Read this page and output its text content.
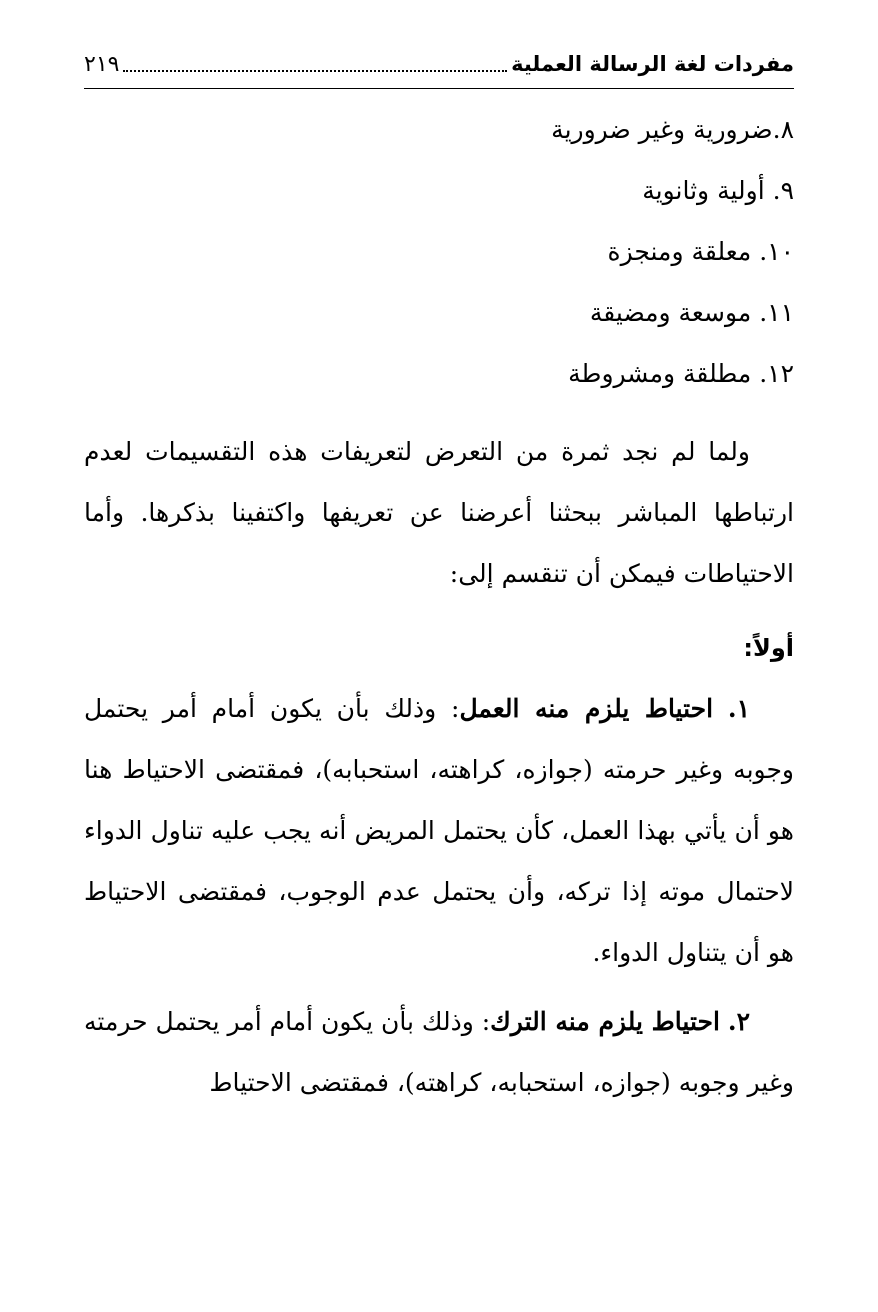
مفردات لغة الرسالة العملية
٢١٩
٨.ضرورية وغير ضرورية
٩. أولية وثانوية
١٠. معلقة ومنجزة
١١. موسعة ومضيقة
١٢. مطلقة ومشروطة

ولما لم نجد ثمرة من التعرض لتعريفات هذه التقسيمات لعدم ارتباطها المباشر ببحثنا أعرضنا عن تعريفها واكتفينا بذكرها. وأما الاحتياطات فيمكن أن تنقسم إلى:

أولاً:

١. احتياط يلزم منه العمل: وذلك بأن يكون أمام أمر يحتمل وجوبه وغير حرمته (جوازه، كراهته، استحبابه)، فمقتضى الاحتياط هنا هو أن يأتي بهذا العمل، كأن يحتمل المريض أنه يجب عليه تناول الدواء لاحتمال موته إذا تركه، وأن يحتمل عدم الوجوب، فمقتضى الاحتياط هو أن يتناول الدواء.

٢. احتياط يلزم منه الترك: وذلك بأن يكون أمام أمر يحتمل حرمته وغير وجوبه (جوازه، استحبابه، كراهته)، فمقتضى الاحتياط
